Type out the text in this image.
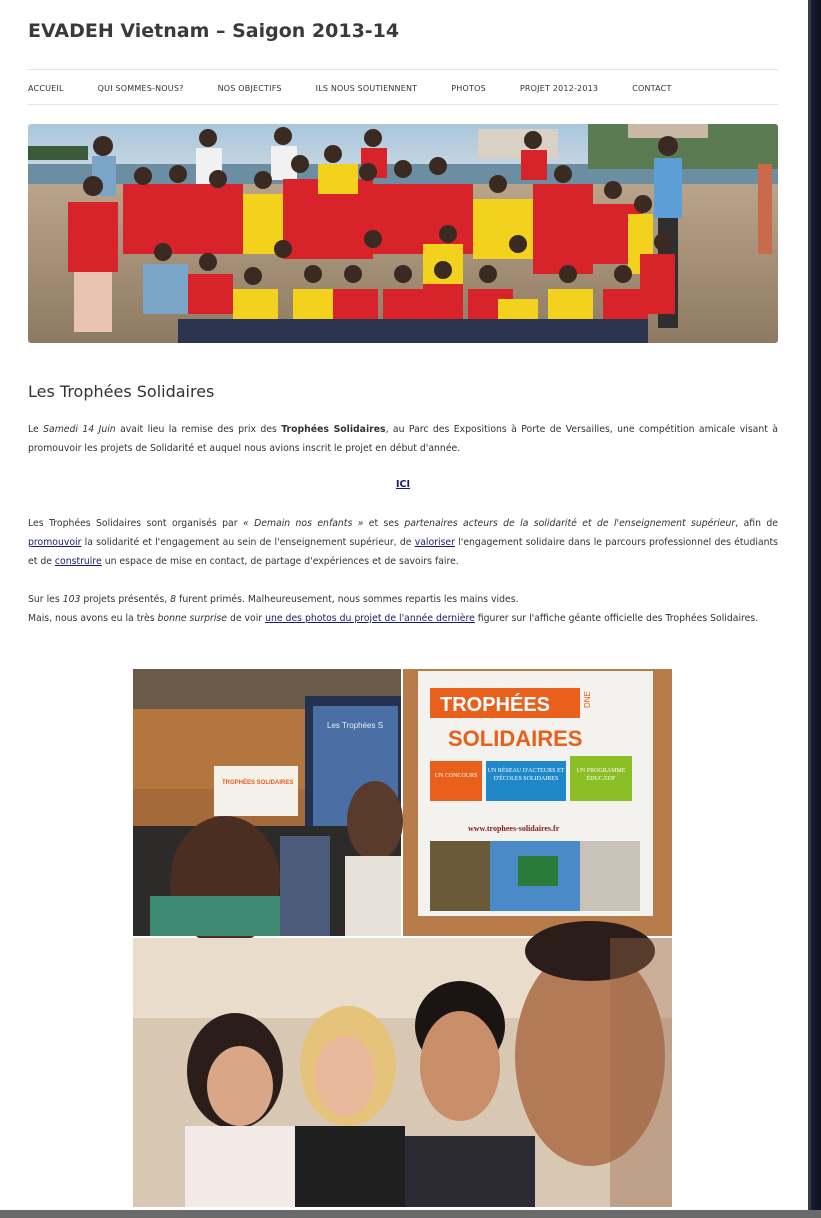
EVADEH Vietnam – Saigon 2013-14
ACCUEIL	QUI SOMMES-NOUS?	NOS OBJECTIFS	ILS NOUS SOUTIENNENT	PHOTOS	PROJET 2012-2013	CONTACT
Les Trophées Solidaires

Le Samedi 14 Juin avait lieu la remise des prix des Trophées Solidaires, au Parc des Expositions à Porte de Versailles, une compétition amicale visant à promouvoir les projets de Solidarité et auquel nous avions inscrit le projet en début d'année.

ICI

Les Trophées Solidaires sont organisés par « Demain nos enfants » et ses partenaires acteurs de la solidarité et de l'enseignement supérieur, afin de promouvoir la solidarité et l'engagement au sein de l'enseignement supérieur, de valoriser l'engagement solidaire dans le parcours professionnel des étudiants et de construire un espace de mise en contact, de partage d'expériences et de savoirs faire.

Sur les 103 projets présentés, 8 furent primés. Malheureusement, nous sommes repartis les mains vides.

Mais, nous avons eu la très bonne surprise de voir une des photos du projet de l'année dernière figurer sur l'affiche géante officielle des Trophées Solidaires.

Les Trophées S
TROPHÉES SOLIDAIRES
TROPHÉES	DNE
SOLIDAIRES
UN CONCOURS
UN RÉSEAU D'ACTEURS ET D'ÉCOLES SOLIDAIRES
UN PROGRAMME ÉDUCATIF
www.trophees-solidaires.fr
